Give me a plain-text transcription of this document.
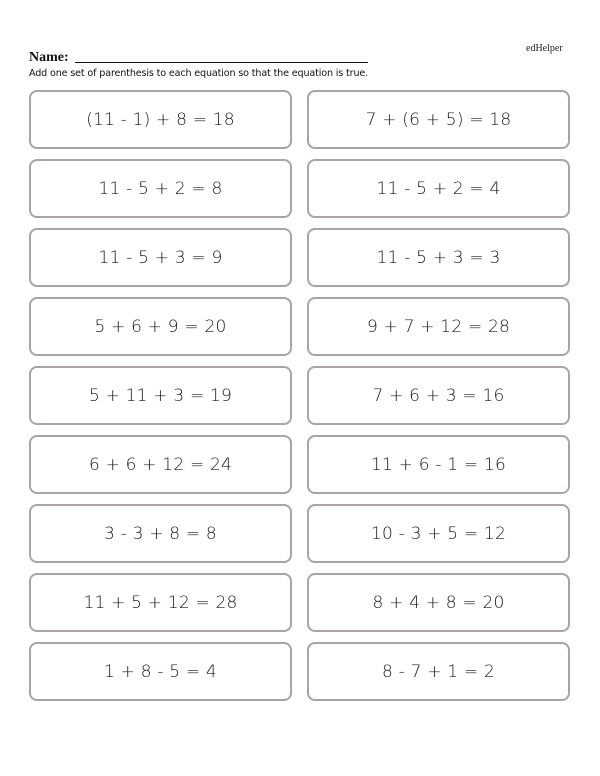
edHelper
Name:
Add one set of parenthesis to each equation so that the equation is true.
(11 - 1) + 8 = 18	7 + (6 + 5) = 18
11 - 5 + 2 = 8	11 - 5 + 2 = 4
11 - 5 + 3 = 9	11 - 5 + 3 = 3
5 + 6 + 9 = 20	9 + 7 + 12 = 28
5 + 11 + 3 = 19	7 + 6 + 3 = 16
6 + 6 + 12 = 24	11 + 6 - 1 = 16
3 - 3 + 8 = 8	10 - 3 + 5 = 12
11 + 5 + 12 = 28	8 + 4 + 8 = 20
1 + 8 - 5 = 4	8 - 7 + 1 = 2
